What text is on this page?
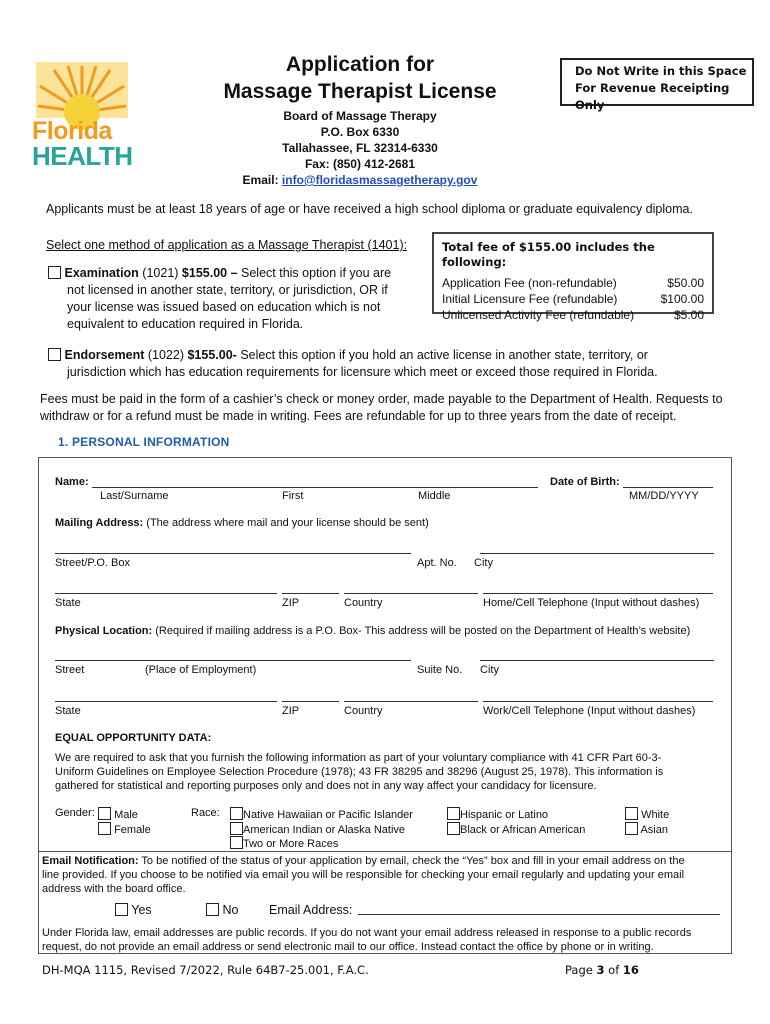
Florida
HEALTH
Application for
Massage Therapist License
Board of Massage Therapy
P.O. Box 6330
Tallahassee, FL 32314-6330
Fax: (850) 412-2681
Email: info@floridasmassagetherapy.gov
Do Not Write in this Space
For Revenue Receipting Only
Applicants must be at least 18 years of age or have received a high school diploma or graduate equivalency diploma.
Select one method of application as a Massage Therapist (1401):
Examination (1021) $155.00 – Select this option if you are
not licensed in another state, territory, or jurisdiction, OR if
your license was issued based on education which is not
equivalent to education required in Florida.
Total fee of $155.00 includes the following:
Application Fee (non-refundable)	$50.00
Initial Licensure Fee (refundable)	$100.00
Unlicensed Activity Fee (refundable)	$5.00
Endorsement (1022) $155.00- Select this option if you hold an active license in another state, territory, or
jurisdiction which has education requirements for licensure which meet or exceed those required in Florida.
Fees must be paid in the form of a cashier’s check or money order, made payable to the Department of Health. Requests to
withdraw or for a refund must be made in writing. Fees are refundable for up to three years from the date of receipt.
1. PERSONAL INFORMATION
Name:	Date of Birth:
Last/Surname	First	Middle	MM/DD/YYYY
Mailing Address: (The address where mail and your license should be sent)
Street/P.O. Box	Apt. No. City
State	ZIP	Country	Home/Cell Telephone (Input without dashes)
Physical Location: (Required if mailing address is a P.O. Box- This address will be posted on the Department of Health’s website)
Street	(Place of Employment)	Suite No. City
State	ZIP	Country	Work/Cell Telephone (Input without dashes)
EQUAL OPPORTUNITY DATA:
We are required to ask that you furnish the following information as part of your voluntary compliance with 41 CFR Part 60-3-
Uniform Guidelines on Employee Selection Procedure (1978); 43 FR 38295 and 38296 (August 25, 1978). This information is
gathered for statistical and reporting purposes only and does not in any way affect your candidacy for licensure.
Gender:	Male
Female
Race:	Native Hawaiian or Pacific Islander
American Indian or Alaska Native
Two or More Races
Hispanic or Latino
Black or African American
White
Asian
Email Notification: To be notified of the status of your application by email, check the “Yes” box and fill in your email address on the
line provided. If you choose to be notified via email you will be responsible for checking your email regularly and updating your email
address with the board office.
Yes	No Email Address:
Under Florida law, email addresses are public records. If you do not want your email address released in response to a public records
request, do not provide an email address or send electronic mail to our office. Instead contact the office by phone or in writing.
DH-MQA 1115, Revised 7/2022, Rule 64B7-25.001, F.A.C.	Page 3 of 16
